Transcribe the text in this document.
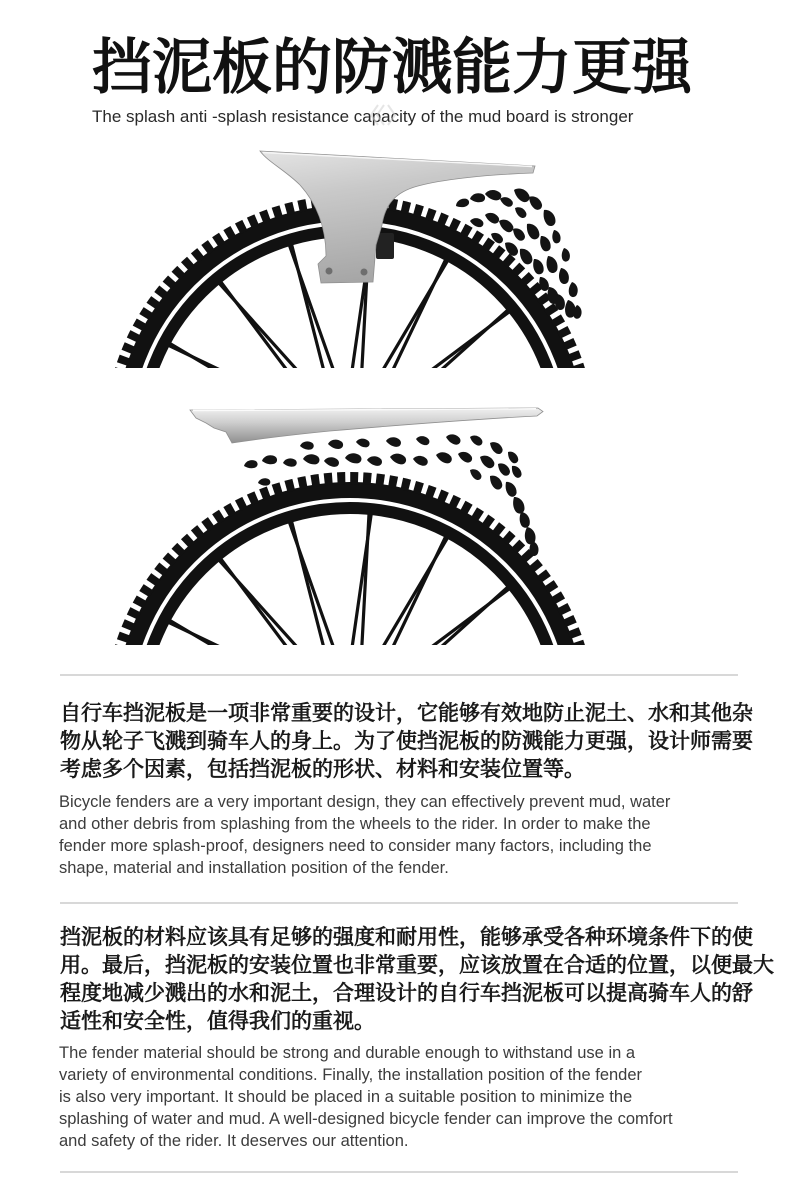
挡泥板的防溅能力更强
The splash anti -splash resistance capacity of the mud board is stronger
自行车挡泥板是一项非常重要的设计，它能够有效地防止泥土、水和其他杂
物从轮子飞溅到骑车人的身上。为了使挡泥板的防溅能力更强，设计师需要
考虑多个因素，包括挡泥板的形状、材料和安装位置等。
Bicycle fenders are a very important design, they can effectively prevent mud, water
and other debris from splashing from the wheels to the rider. In order to make the
fender more splash-proof, designers need to consider many factors, including the
shape, material and installation position of the fender.
挡泥板的材料应该具有足够的强度和耐用性，能够承受各种环境条件下的使
用。最后，挡泥板的安装位置也非常重要，应该放置在合适的位置，以便最大
程度地减少溅出的水和泥土，合理设计的自行车挡泥板可以提高骑车人的舒
适性和安全性，值得我们的重视。
The fender material should be strong and durable enough to withstand use in a
variety of environmental conditions. Finally, the installation position of the fender
is also very important. It should be placed in a suitable position to minimize the
splashing of water and mud. A well-designed bicycle fender can improve the comfort
and safety of the rider. It deserves our attention.
